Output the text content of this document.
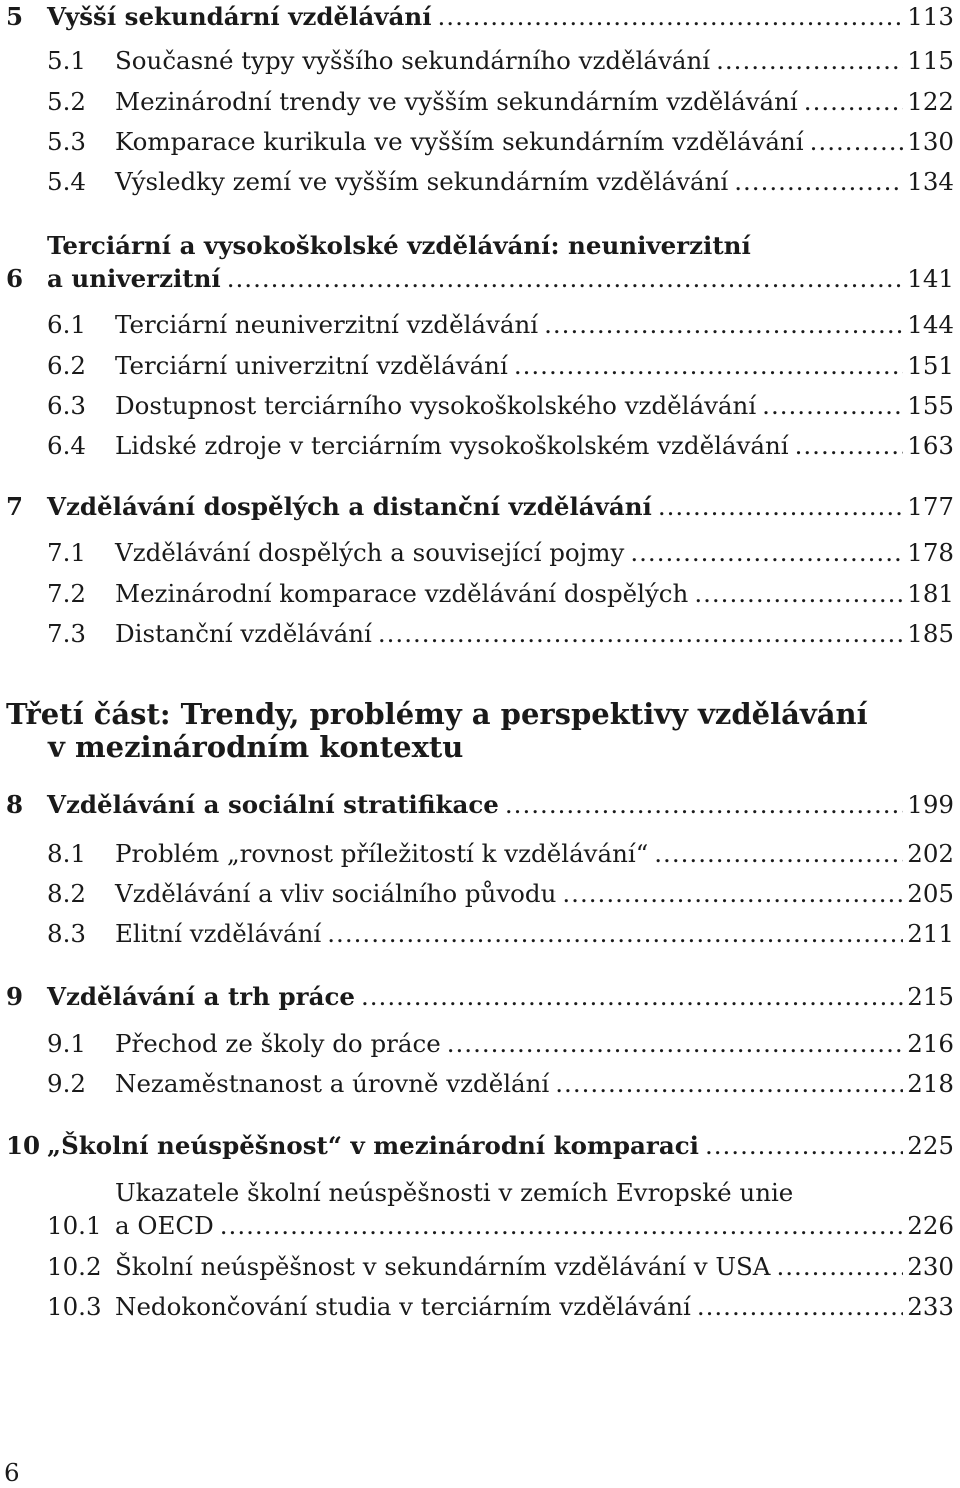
Třetí část: Trendy, problémy a perspektivy vzdělávání
v mezinárodním kontextu
5 Vyšší sekundární vzdělávání .....	113
5.1 Současné typy vyššího sekundárního vzdělávání .....	115
5.2 Mezinárodní trendy ve vyšším sekundárním vzdělávání .....	122
5.3 Komparace kurikula ve vyšším sekundárním vzdělávání .....	130
5.4 Výsledky zemí ve vyšším sekundárním vzdělávání .....	134
6
Terciární a vysokoškolské vzdělávání: neuniverzitní
a univerzitní .....	141
6.1 Terciární neuniverzitní vzdělávání .....	144
6.2 Terciární univerzitní vzdělávání .....	151
6.3 Dostupnost terciárního vysokoškolského vzdělávání .....	155
6.4 Lidské zdroje v terciárním vysokoškolském vzdělávání .....	163
7 Vzdělávání dospělých a distanční vzdělávání .....	177
7.1 Vzdělávání dospělých a související pojmy .....	178
7.2 Mezinárodní komparace vzdělávání dospělých .....	181
7.3 Distanční vzdělávání .....	185
8 Vzdělávání a sociální stratifikace .....	199
8.1 Problém „rovnost příležitostí k vzdělávání“ .....	202
8.2 Vzdělávání a vliv sociálního původu .....	205
8.3 Elitní vzdělávání .....	211
9 Vzdělávání a trh práce .....	215
9.1 Přechod ze školy do práce .....	216
9.2 Nezaměstnanost a úrovně vzdělání .....	218
10 „Školní neúspěšnost“ v mezinárodní komparaci .....	225
10.1
Ukazatele školní neúspěšnosti v zemích Evropské unie
a OECD .....	226
10.2 Školní neúspěšnost v sekundárním vzdělávání v USA .....	230
10.3 Nedokončování studia v terciárním vzdělávání .....	233
6
